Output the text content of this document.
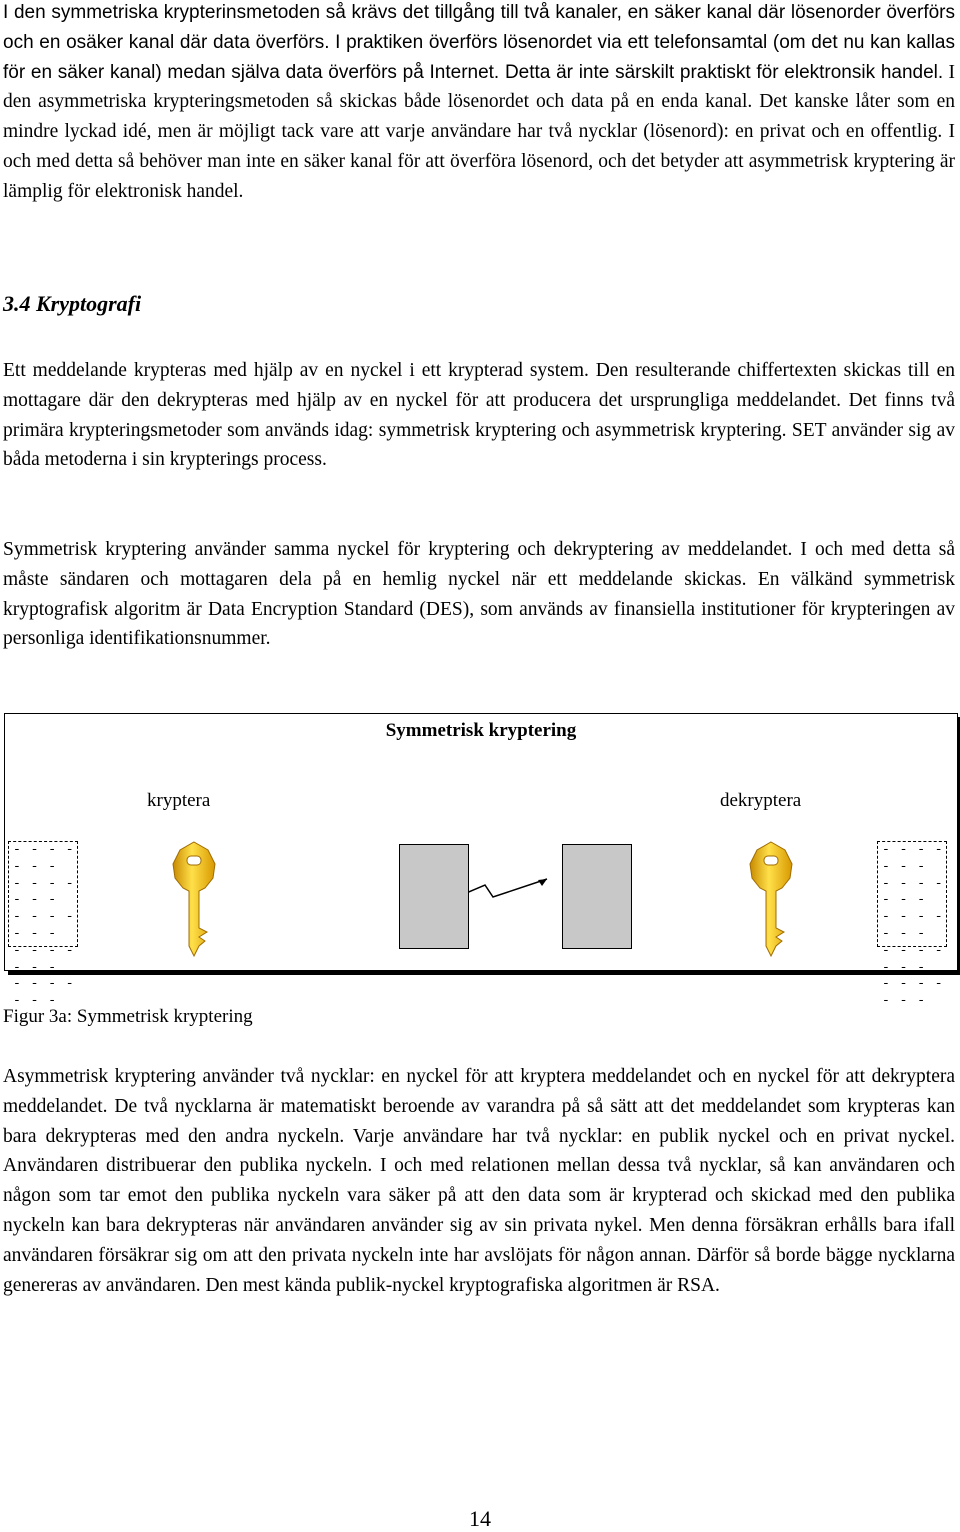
I den symmetriska krypterinsmetoden så krävs det tillgång till två kanaler, en säker kanal där lösenorder överförs och en osäker kanal där data överförs. I praktiken överförs lösenordet via ett telefonsamtal (om det nu kan kallas för en säker kanal) medan själva data överförs på Internet. Detta är inte särskilt praktiskt för elektronsik handel. I den asymmetriska krypteringsmetoden så skickas både lösenordet och data på en enda kanal. Det kanske låter som en mindre lyckad idé, men är möjligt tack vare att varje användare har två nycklar (lösenord): en privat och en offentlig. I och med detta så behöver man inte en säker kanal för att överföra lösenord, och det betyder att asymmetrisk kryptering är lämplig för elektronisk handel.
3.4 Kryptografi

Ett meddelande krypteras med hjälp av en nyckel i ett krypterad system. Den resulterande chiffertexten skickas till en mottagare där den dekrypteras med hjälp av en nyckel för att producera det ursprungliga meddelandet. Det finns två primära krypteringsmetoder som används idag: symmetrisk kryptering och asymmetrisk kryptering. SET använder sig av båda metoderna i sin krypterings process.

Symmetrisk kryptering använder samma nyckel för kryptering och dekryptering av meddelandet. I och med detta så måste sändaren och mottagaren dela på en hemlig nyckel när ett meddelande skickas. En välkänd symmetrisk kryptografisk algoritm är Data Encryption Standard (DES), som används av finansiella institutioner för krypteringen av personliga identifikationsnummer.

Symmetrisk kryptering
kryptera	dekryptera
- - - - - - -
- - - - - - -
- - - - - - -
- - - - - - -
- - - - - - -
- - - - - - -
- - - - - - -
- - - - - - -
- - - - - - -
- - - - - - -

Figur 3a: Symmetrisk kryptering

Asymmetrisk kryptering använder två nycklar: en nyckel för att kryptera meddelandet och en nyckel för att dekryptera meddelandet. De två nycklarna är matematiskt beroende av varandra på så sätt att det meddelandet som krypteras kan bara dekrypteras med den andra nyckeln. Varje användare har två nycklar: en publik nyckel och en privat nyckel. Användaren distribuerar den publika nyckeln. I och med relationen mellan dessa två nycklar, så kan användaren och någon som tar emot den publika nyckeln vara säker på att den data som är krypterad och skickad med den publika nyckeln kan bara dekrypteras när användaren använder sig av sin privata nykel. Men denna försäkran erhålls bara ifall användaren försäkrar sig om att den privata nyckeln inte har avslöjats för någon annan. Därför så borde bägge nycklarna genereras av användaren. Den mest kända publik-nyckel kryptografiska algoritmen är RSA.

14
